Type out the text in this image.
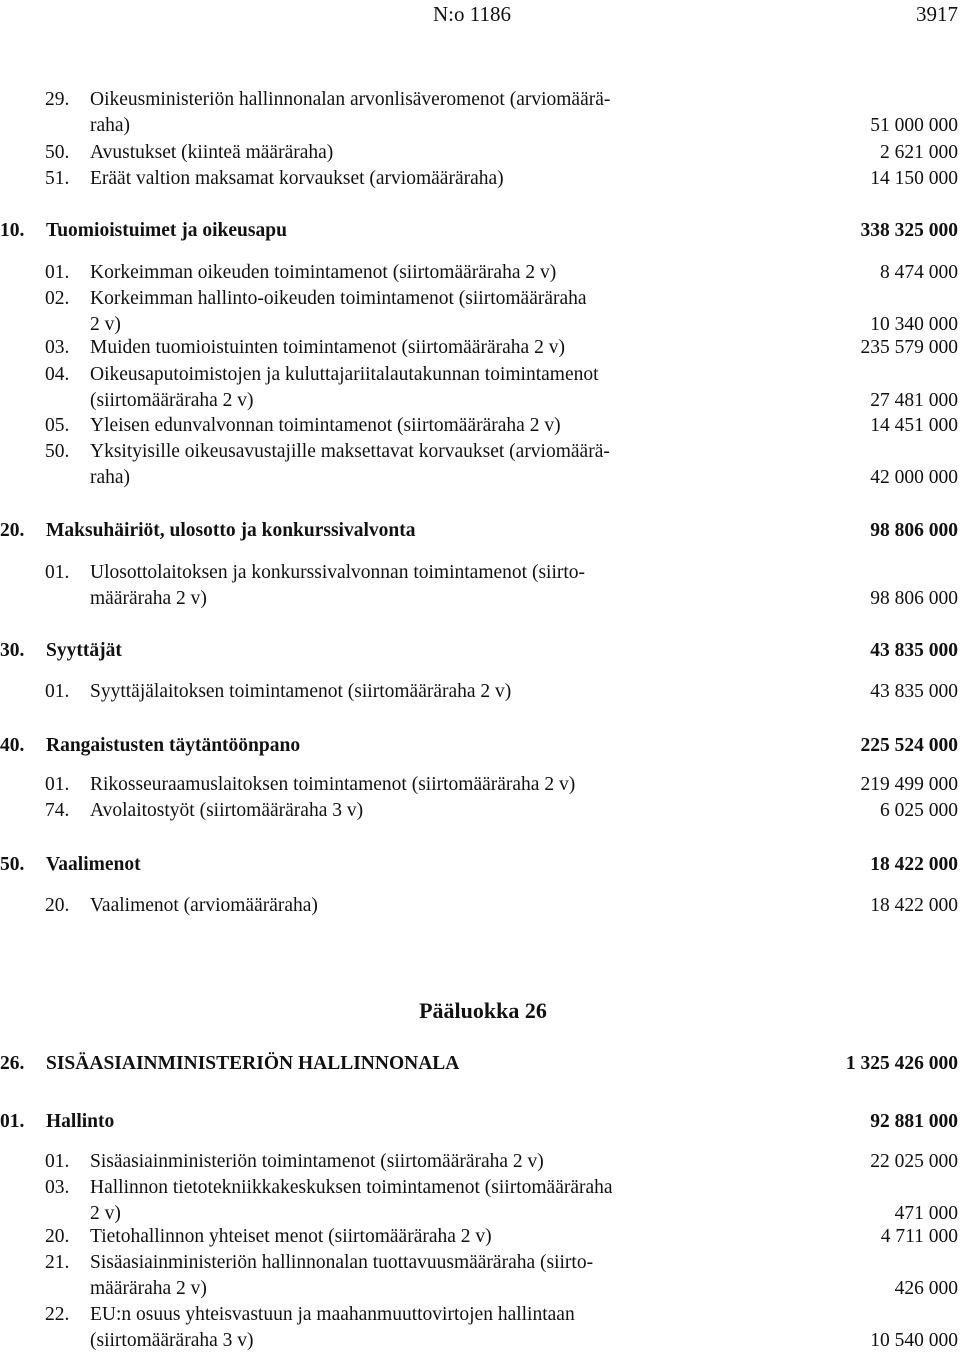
N:o 1186	3917
29. Oikeusministeriön hallinnonalan arvonlisäveromenot (arviomäärä-
raha)	51 000 000
50. Avustukset (kiinteä määräraha)	2 621 000
51. Eräät valtion maksamat korvaukset (arviomääräraha)	14 150 000
10. Tuomioistuimet ja oikeusapu	338 325 000
01. Korkeimman oikeuden toimintamenot (siirtomääräraha 2 v)	8 474 000
02. Korkeimman hallinto-oikeuden toimintamenot (siirtomääräraha
2 v)	10 340 000
03. Muiden tuomioistuinten toimintamenot (siirtomääräraha 2 v)	235 579 000
04. Oikeusaputoimistojen ja kuluttajariitalautakunnan toimintamenot
(siirtomääräraha 2 v)	27 481 000
05. Yleisen edunvalvonnan toimintamenot (siirtomääräraha 2 v)	14 451 000
50. Yksityisille oikeusavustajille maksettavat korvaukset (arviomäärä-
raha)	42 000 000
20. Maksuhäiriöt, ulosotto ja konkurssivalvonta	98 806 000
01. Ulosottolaitoksen ja konkurssivalvonnan toimintamenot (siirto-
määräraha 2 v)	98 806 000
30. Syyttäjät	43 835 000
01. Syyttäjälaitoksen toimintamenot (siirtomääräraha 2 v)	43 835 000
40. Rangaistusten täytäntöönpano	225 524 000
01. Rikosseuraamuslaitoksen toimintamenot (siirtomääräraha 2 v)	219 499 000
74. Avolaitostyöt (siirtomääräraha 3 v)	6 025 000
50. Vaalimenot	18 422 000
20. Vaalimenot (arviomääräraha)	18 422 000
Pääluokka 26
26. SISÄASIAINMINISTERIÖN HALLINNONALA	1 325 426 000
01. Hallinto	92 881 000
01. Sisäasiainministeriön toimintamenot (siirtomääräraha 2 v)	22 025 000
03. Hallinnon tietotekniikkakeskuksen toimintamenot (siirtomääräraha
2 v)	471 000
20. Tietohallinnon yhteiset menot (siirtomääräraha 2 v)	4 711 000
21. Sisäasiainministeriön hallinnonalan tuottavuusmääräraha (siirto-
määräraha 2 v)	426 000
22. EU:n osuus yhteisvastuun ja maahanmuuttovirtojen hallintaan
(siirtomääräraha 3 v)	10 540 000
